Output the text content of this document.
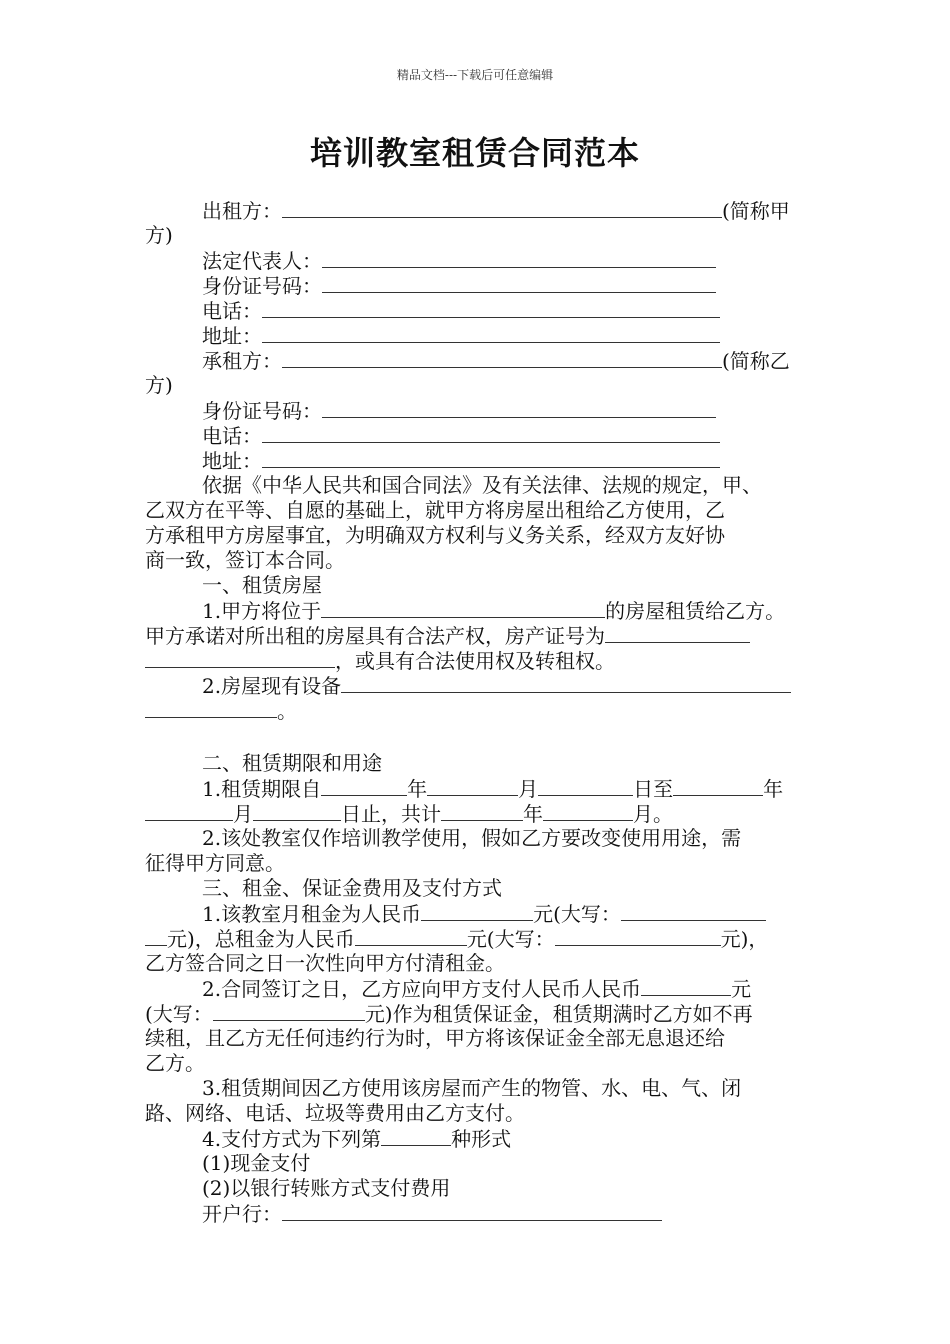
精品文档---下载后可任意编辑
培训教室租赁合同范本
出租方：	(简称甲
方)
法定代表人：
身份证号码：
电话：
地址：
承租方：	(简称乙
方)
身份证号码：
电话：
地址：
依据《中华人民共和国合同法》及有关法律、法规的规定，甲、
乙双方在平等、自愿的基础上，就甲方将房屋出租给乙方使用，乙
方承租甲方房屋事宜，为明确双方权利与义务关系，经双方友好协
商一致，签订本合同。
一、租赁房屋
1.甲方将位于	的房屋租赁给乙方。
甲方承诺对所出租的房屋具有合法产权，房产证号为
，或具有合法使用权及转租权。
2.房屋现有设备
。
二、租赁期限和用途
1.租赁期限自	年	月	日至	年
月	日止，共计	年	月。
2.该处教室仅作培训教学使用，假如乙方要改变使用用途，需
征得甲方同意。
三、租金、保证金费用及支付方式
1.该教室月租金为人民币	元(大写：
元)，总租金为人民币	元(大写：	元)，
乙方签合同之日一次性向甲方付清租金。
2.合同签订之日，乙方应向甲方支付人民币人民币	元
(大写：	元)作为租赁保证金，租赁期满时乙方如不再
续租，且乙方无任何违约行为时，甲方将该保证金全部无息退还给
乙方。
3.租赁期间因乙方使用该房屋而产生的物管、水、电、气、闭
路、网络、电话、垃圾等费用由乙方支付。
4.支付方式为下列第	种形式
(1)现金支付
(2)以银行转账方式支付费用
开户行：
